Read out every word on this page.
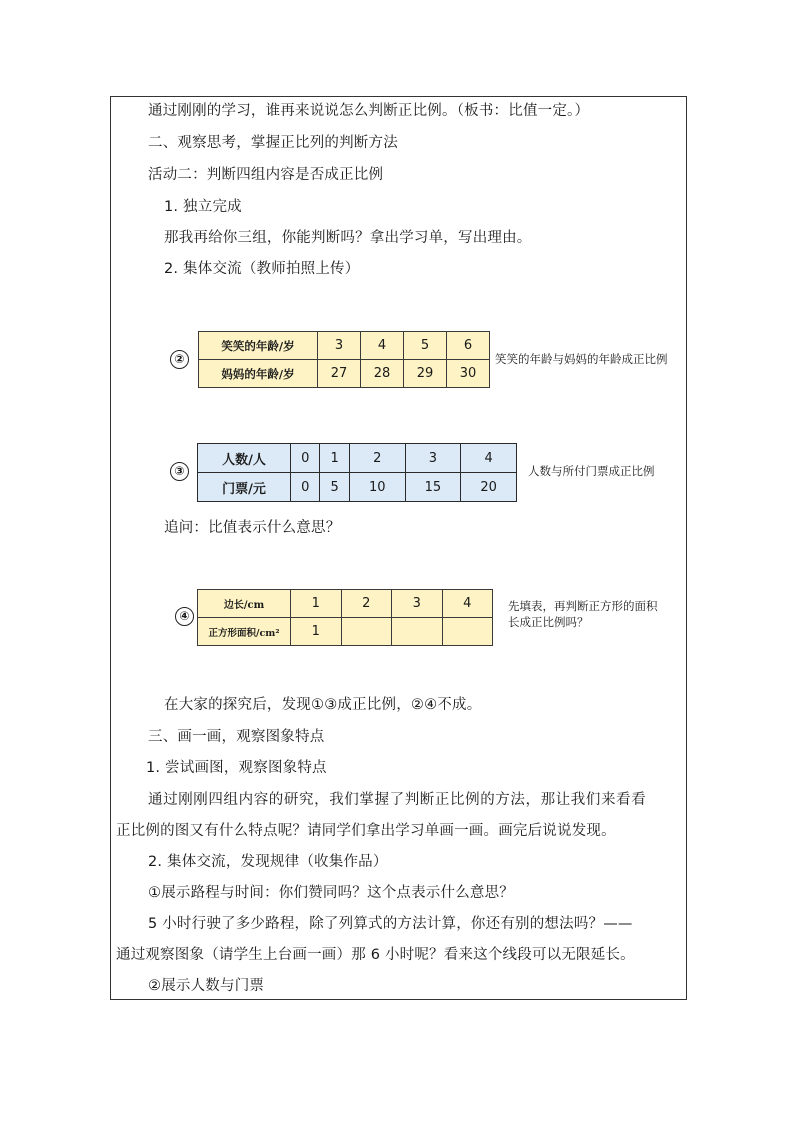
通过刚刚的学习，谁再来说说怎么判断正比例。（板书：比值一定。）
二、观察思考，掌握正比列的判断方法
活动二：判断四组内容是否成正比例
1. 独立完成
那我再给你三组，你能判断吗？拿出学习单，写出理由。
2. 集体交流（教师拍照上传）
②
笑笑的年龄/岁	3	4	5	6
妈妈的年龄/岁	27	28	29	30
笑笑的年龄与妈妈的年龄成正比例
③
人数/人	0	1	2	3	4
门票/元	0	5	10	15	20
人数与所付门票成正比例
追问：比值表示什么意思？
④
边长/cm	1	2	3	4
正方形面积/cm²	1			
先填表，再判断正方形的面积
长成正比例吗？
在大家的探究后，发现①③成正比例，②④不成。
三、画一画，观察图象特点
1. 尝试画图，观察图象特点
通过刚刚四组内容的研究，我们掌握了判断正比例的方法，那让我们来看看
正比例的图又有什么特点呢？请同学们拿出学习单画一画。画完后说说发现。
2. 集体交流，发现规律（收集作品）
①展示路程与时间：你们赞同吗？这个点表示什么意思？
5 小时行驶了多少路程，除了列算式的方法计算，你还有别的想法吗？——
通过观察图象（请学生上台画一画）那 6 小时呢？看来这个线段可以无限延长。
②展示人数与门票
